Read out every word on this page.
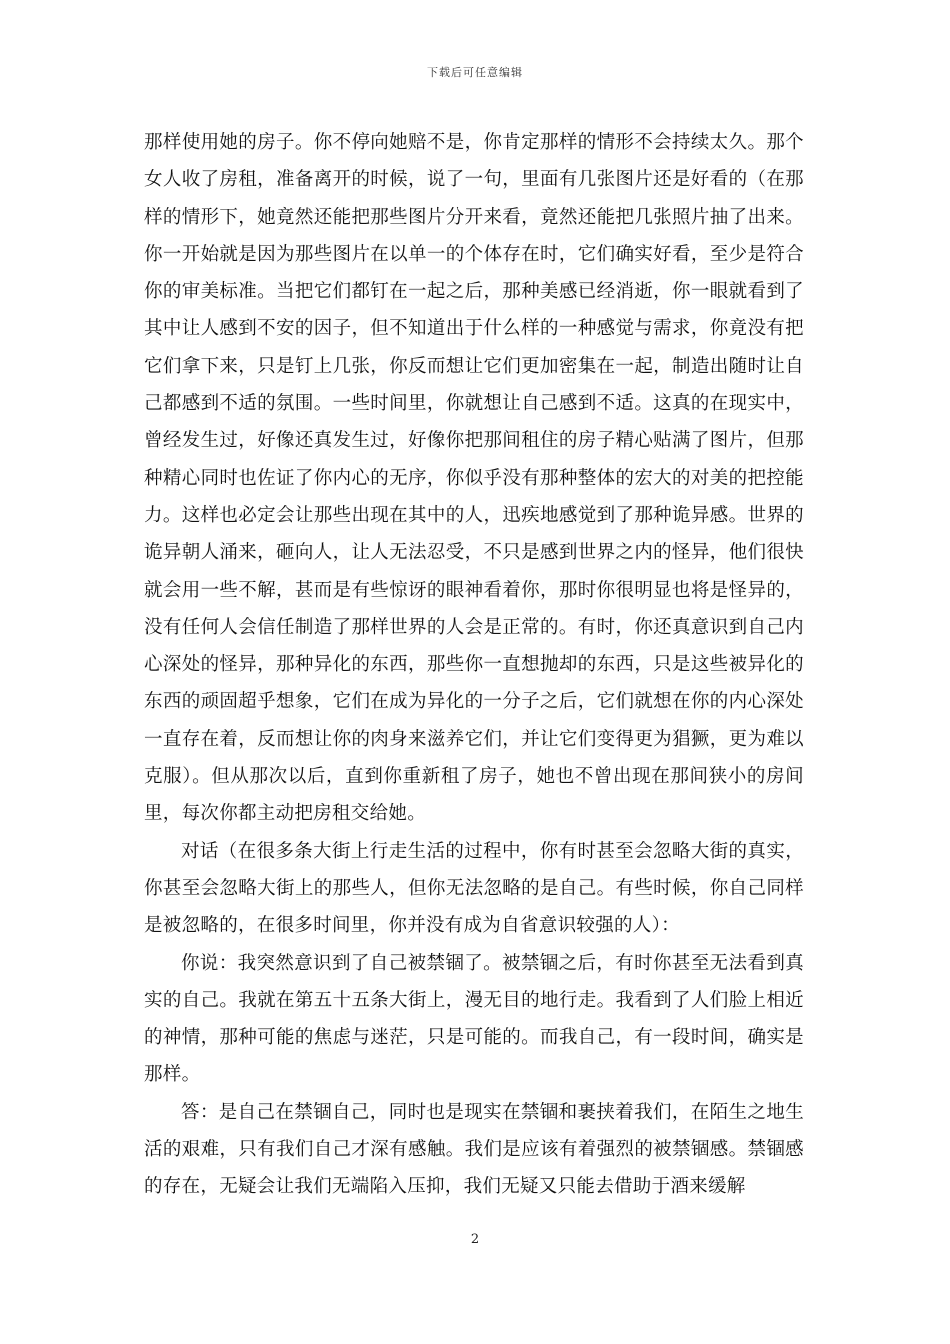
下载后可任意编辑

那样使用她的房子。你不停向她赔不是，你肯定那样的情形不会持续太久。那个女人收了房租，准备离开的时候，说了一句，里面有几张图片还是好看的（在那样的情形下，她竟然还能把那些图片分开来看，竟然还能把几张照片抽了出来。你一开始就是因为那些图片在以单一的个体存在时，它们确实好看，至少是符合你的审美标准。当把它们都钉在一起之后，那种美感已经消逝，你一眼就看到了其中让人感到不安的因子，但不知道出于什么样的一种感觉与需求，你竟没有把它们拿下来，只是钉上几张，你反而想让它们更加密集在一起，制造出随时让自己都感到不适的氛围。一些时间里，你就想让自己感到不适。这真的在现实中，曾经发生过，好像还真发生过，好像你把那间租住的房子精心贴满了图片，但那种精心同时也佐证了你内心的无序，你似乎没有那种整体的宏大的对美的把控能力。这样也必定会让那些出现在其中的人，迅疾地感觉到了那种诡异感。世界的诡异朝人涌来，砸向人，让人无法忍受，不只是感到世界之内的怪异，他们很快就会用一些不解，甚而是有些惊讶的眼神看着你，那时你很明显也将是怪异的，没有任何人会信任制造了那样世界的人会是正常的。有时，你还真意识到自己内心深处的怪异，那种异化的东西，那些你一直想抛却的东西，只是这些被异化的东西的顽固超乎想象，它们在成为异化的一分子之后，它们就想在你的内心深处一直存在着，反而想让你的肉身来滋养它们，并让它们变得更为猖獗，更为难以克服）。但从那次以后，直到你重新租了房子，她也不曾出现在那间狭小的房间里，每次你都主动把房租交给她。

对话（在很多条大街上行走生活的过程中，你有时甚至会忽略大街的真实，你甚至会忽略大街上的那些人，但你无法忽略的是自己。有些时候，你自己同样是被忽略的，在很多时间里，你并没有成为自省意识较强的人）：

你说：我突然意识到了自己被禁锢了。被禁锢之后，有时你甚至无法看到真实的自己。我就在第五十五条大街上，漫无目的地行走。我看到了人们脸上相近的神情，那种可能的焦虑与迷茫，只是可能的。而我自己，有一段时间，确实是那样。

答：是自己在禁锢自己，同时也是现实在禁锢和裹挟着我们，在陌生之地生活的艰难，只有我们自己才深有感触。我们是应该有着强烈的被禁锢感。禁锢感的存在，无疑会让我们无端陷入压抑，我们无疑又只能去借助于酒来缓解

2
